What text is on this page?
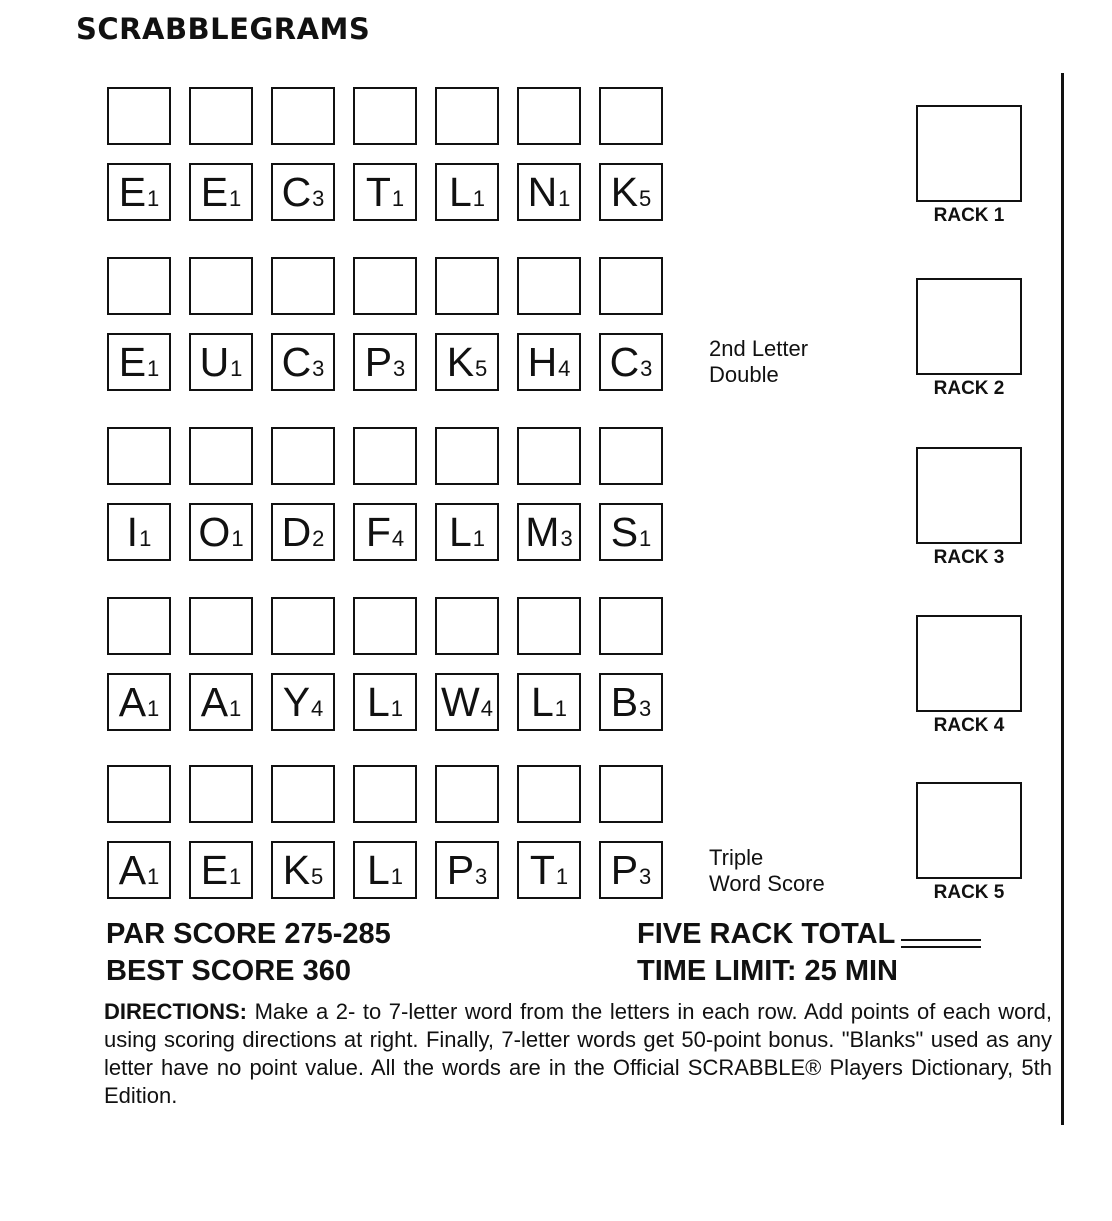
SCRABBLEGRAMS
E 1 E 1 C 3 T 1 L 1 N 1 K 5
E 1 U 1 C 3 P 3 K 5 H 4 C 3
I 1 O 1 D 2 F 4 L 1 M 3 S 1
A 1 A 1 Y 4 L 1 W 4 L 1 B 3
A 1 E 1 K 5 L 1 P 3 T 1 P 3
RACK 1
RACK 2
RACK 3
RACK 4
RACK 5
PAR SCORE 275-285
BEST SCORE 360
FIVE RACK TOTAL
TIME LIMIT: 25 MIN
DIRECTIONS: Make a 2- to 7-letter word from the letters in each row. Add points of each word, using scoring directions at right. Finally, 7-letter words get 50-point bonus. "Blanks" used as any letter have no point value. All the words are in the Official SCRABBLE® Players Dictionary, 5th Edition.
2nd Letter
Double
Triple
Word Score
